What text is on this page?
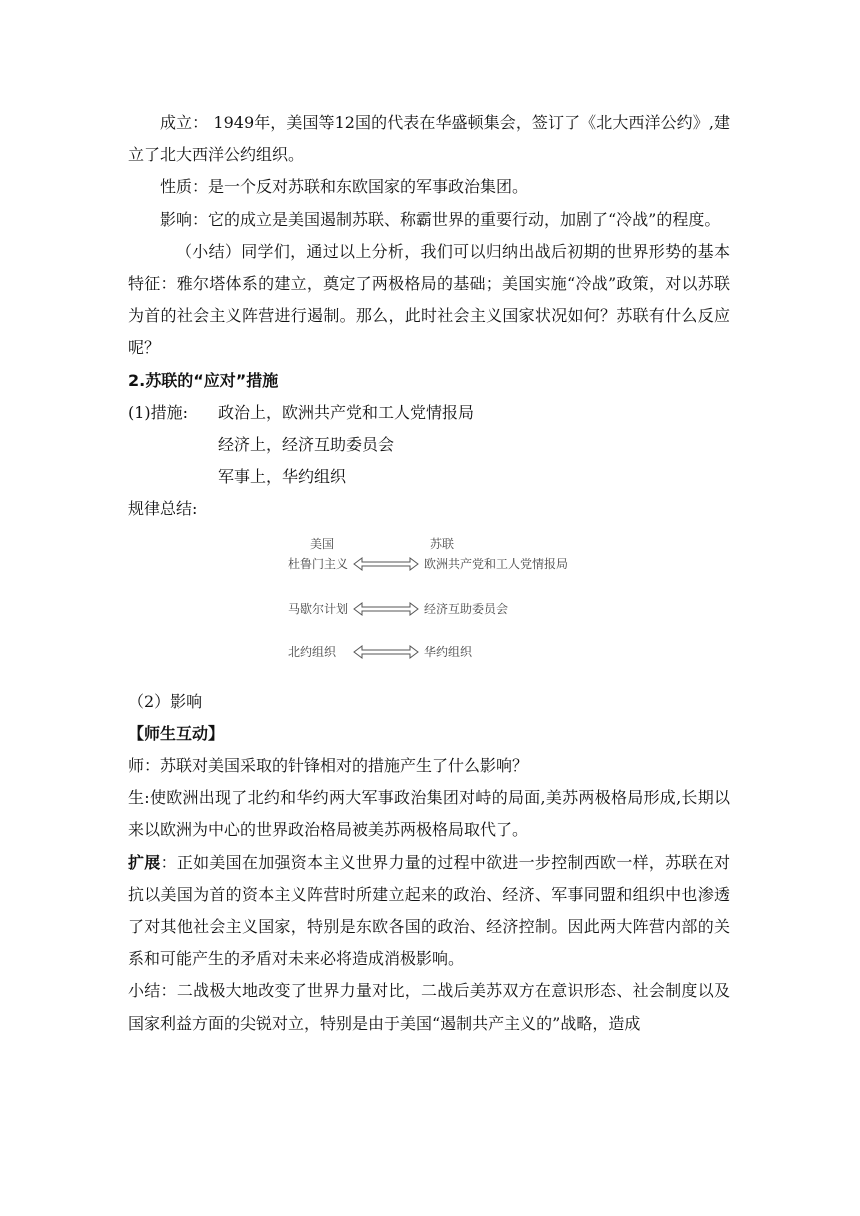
成立： 1949年，美国等12国的代表在华盛顿集会，签订了《北大西洋公约》,建立了北大西洋公约组织。

性质：是一个反对苏联和东欧国家的军事政治集团。

影响：它的成立是美国遏制苏联、称霸世界的重要行动，加剧了“冷战”的程度。

（小结）同学们，通过以上分析，我们可以归纳出战后初期的世界形势的基本特征：雅尔塔体系的建立，奠定了两极格局的基础；美国实施“冷战”政策，对以苏联为首的社会主义阵营进行遏制。那么，此时社会主义国家状况如何？苏联有什么反应呢？

2.苏联的“应对”措施

(1)措施:	政治上，欧洲共产党和工人党情报局

经济上，经济互助委员会

军事上，华约组织

规律总结:

美国	苏联
杜鲁门主义	欧洲共产党和工人党情报局
马歇尔计划	经济互助委员会
北约组织	华约组织

（2）影响

【师生互动】

师：苏联对美国采取的针锋相对的措施产生了什么影响？

生:使欧洲出现了北约和华约两大军事政治集团对峙的局面,美苏两极格局形成,长期以来以欧洲为中心的世界政治格局被美苏两极格局取代了。

扩展：正如美国在加强资本主义世界力量的过程中欲进一步控制西欧一样，苏联在对抗以美国为首的资本主义阵营时所建立起来的政治、经济、军事同盟和组织中也渗透了对其他社会主义国家，特别是东欧各国的政治、经济控制。因此两大阵营内部的关系和可能产生的矛盾对未来必将造成消极影响。

小结：二战极大地改变了世界力量对比，二战后美苏双方在意识形态、社会制度以及国家利益方面的尖锐对立，特别是由于美国“遏制共产主义的”战略，造成
